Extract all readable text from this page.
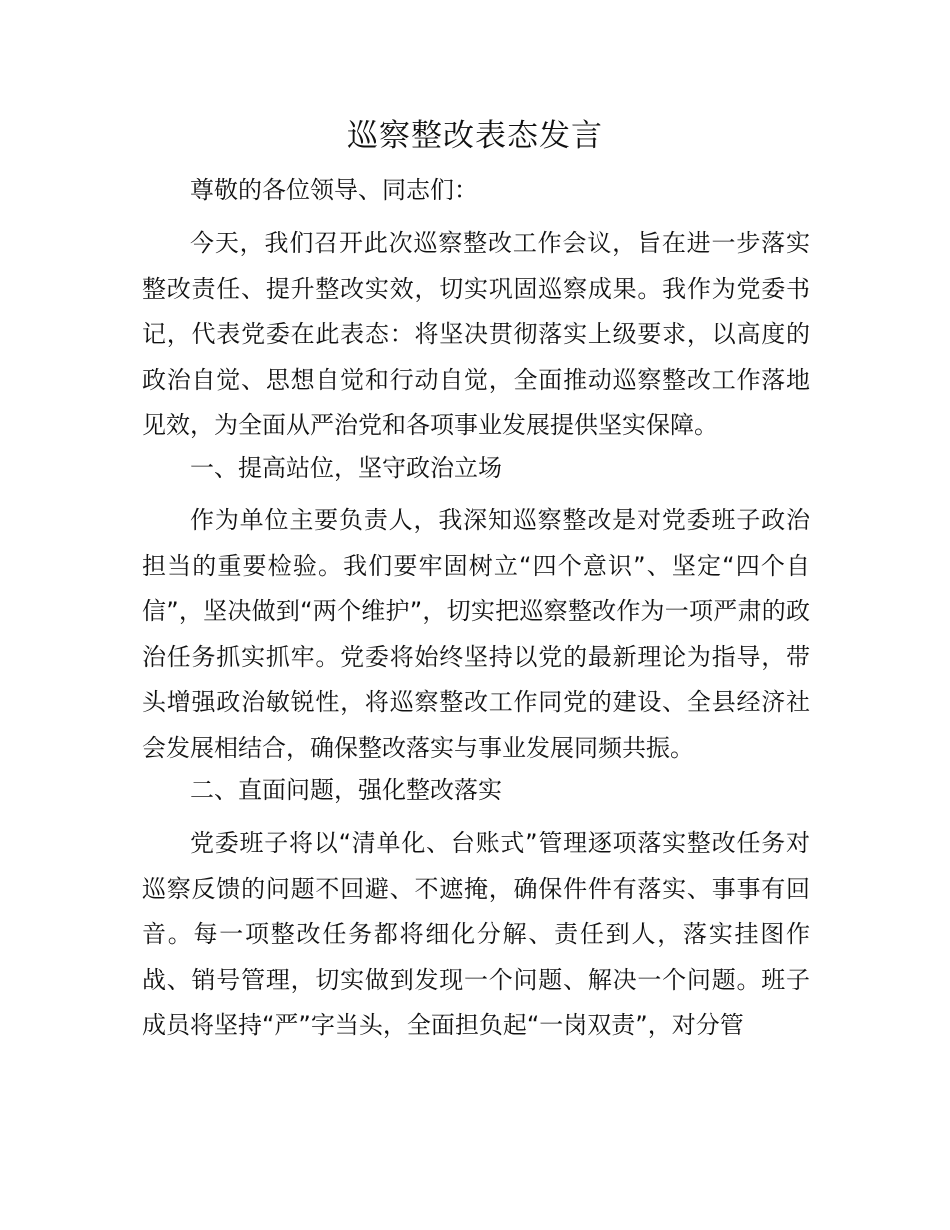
巡察整改表态发言

尊敬的各位领导、同志们：

今天，我们召开此次巡察整改工作会议，旨在进一步落实整改责任、提升整改实效，切实巩固巡察成果。我作为党委书记，代表党委在此表态：将坚决贯彻落实上级要求，以高度的政治自觉、思想自觉和行动自觉，全面推动巡察整改工作落地见效，为全面从严治党和各项事业发展提供坚实保障。

一、提高站位，坚守政治立场

作为单位主要负责人，我深知巡察整改是对党委班子政治担当的重要检验。我们要牢固树立“四个意识”、坚定“四个自信”，坚决做到“两个维护”，切实把巡察整改作为一项严肃的政治任务抓实抓牢。党委将始终坚持以党的最新理论为指导，带头增强政治敏锐性，将巡察整改工作同党的建设、全县经济社会发展相结合，确保整改落实与事业发展同频共振。

二、直面问题，强化整改落实

党委班子将以“清单化、台账式”管理逐项落实整改任务对巡察反馈的问题不回避、不遮掩，确保件件有落实、事事有回音。每一项整改任务都将细化分解、责任到人，落实挂图作战、销号管理，切实做到发现一个问题、解决一个问题。班子成员将坚持“严”字当头，全面担负起“一岗双责”，对分管
